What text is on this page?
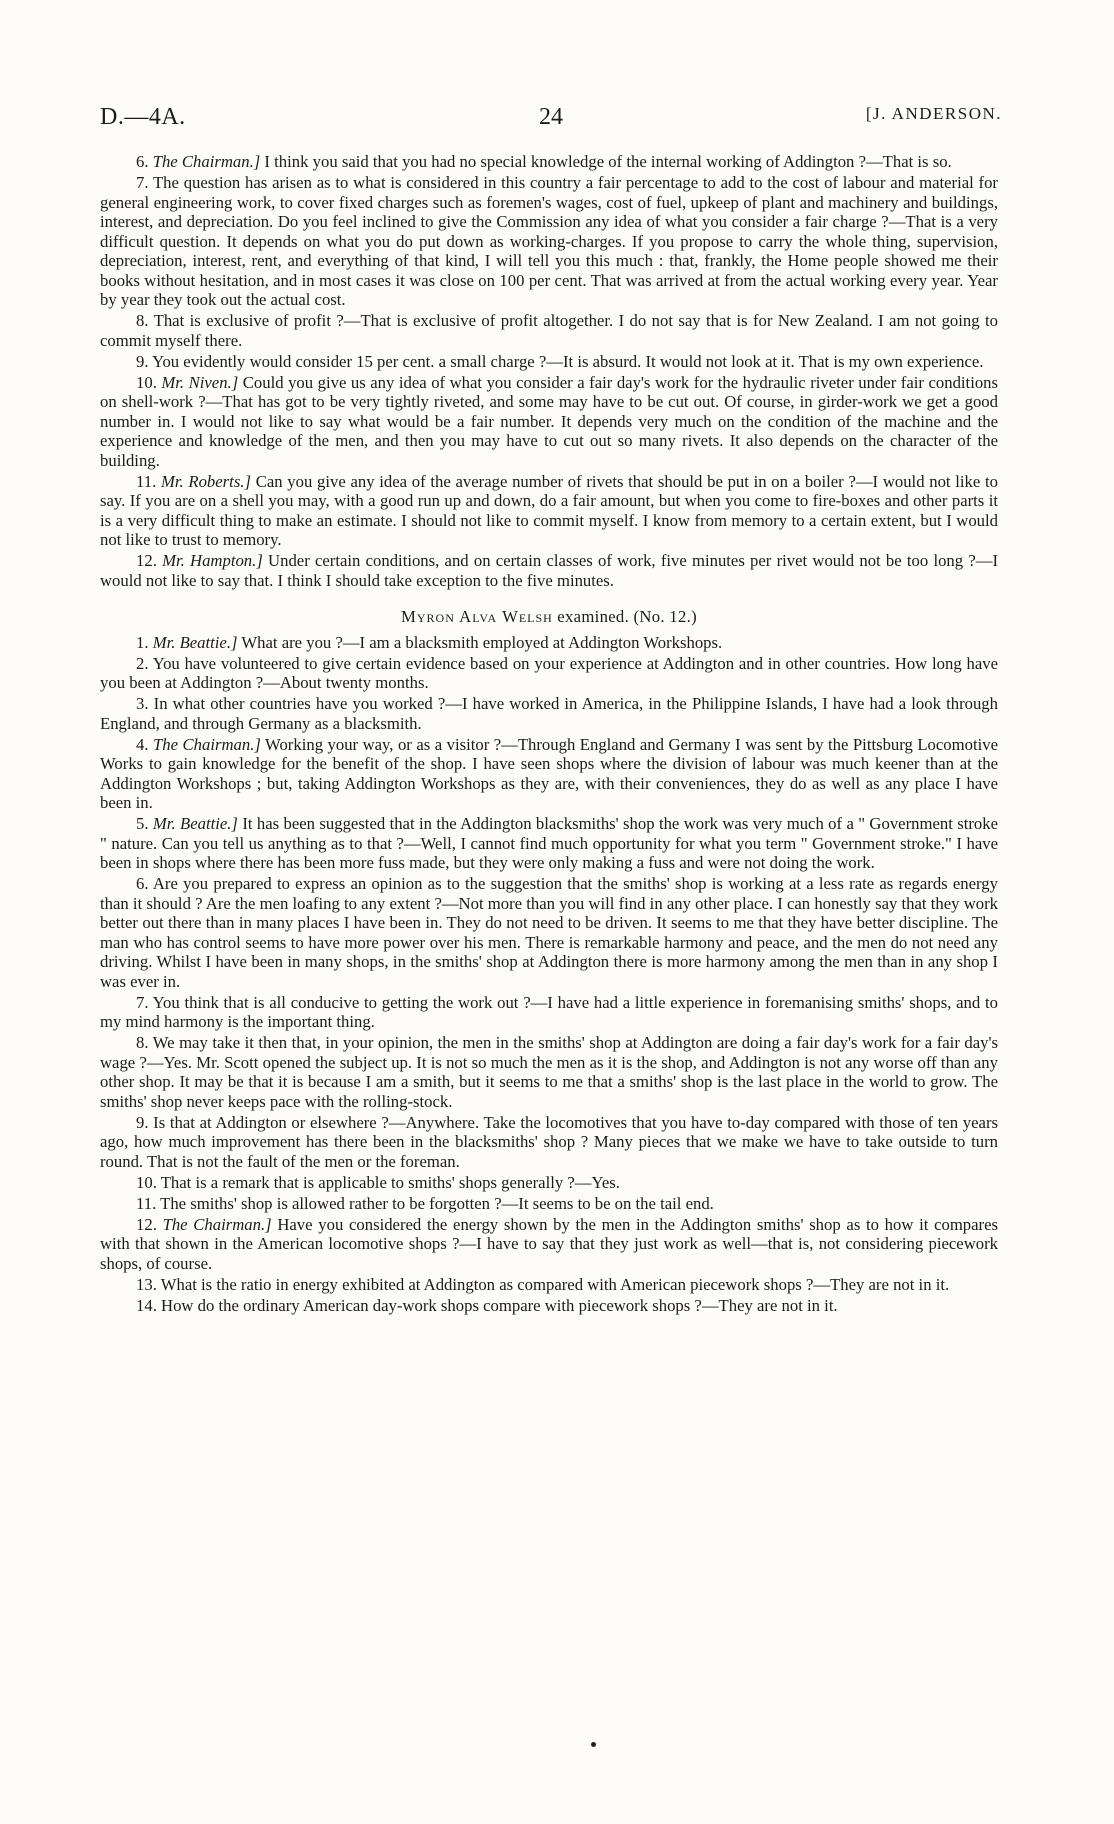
D.—4A.	24	[J. ANDERSON.

6. The Chairman.] I think you said that you had no special knowledge of the internal working of Addington ?—That is so.

7. The question has arisen as to what is considered in this country a fair percentage to add to the cost of labour and material for general engineering work, to cover fixed charges such as foremen's wages, cost of fuel, upkeep of plant and machinery and buildings, interest, and depreciation. Do you feel inclined to give the Commission any idea of what you consider a fair charge ?—That is a very difficult question. It depends on what you do put down as working-charges. If you propose to carry the whole thing, supervision, depreciation, interest, rent, and everything of that kind, I will tell you this much : that, frankly, the Home people showed me their books without hesitation, and in most cases it was close on 100 per cent. That was arrived at from the actual working every year. Year by year they took out the actual cost.

8. That is exclusive of profit ?—That is exclusive of profit altogether. I do not say that is for New Zealand. I am not going to commit myself there.

9. You evidently would consider 15 per cent. a small charge ?—It is absurd. It would not look at it. That is my own experience.

10. Mr. Niven.] Could you give us any idea of what you consider a fair day's work for the hydraulic riveter under fair conditions on shell-work ?—That has got to be very tightly riveted, and some may have to be cut out. Of course, in girder-work we get a good number in. I would not like to say what would be a fair number. It depends very much on the condition of the machine and the experience and knowledge of the men, and then you may have to cut out so many rivets. It also depends on the character of the building.

11. Mr. Roberts.] Can you give any idea of the average number of rivets that should be put in on a boiler ?—I would not like to say. If you are on a shell you may, with a good run up and down, do a fair amount, but when you come to fire-boxes and other parts it is a very difficult thing to make an estimate. I should not like to commit myself. I know from memory to a certain extent, but I would not like to trust to memory.

12. Mr. Hampton.] Under certain conditions, and on certain classes of work, five minutes per rivet would not be too long ?—I would not like to say that. I think I should take exception to the five minutes.

Myron Alva Welsh examined. (No. 12.)

1. Mr. Beattie.] What are you ?—I am a blacksmith employed at Addington Workshops.

2. You have volunteered to give certain evidence based on your experience at Addington and in other countries. How long have you been at Addington ?—About twenty months.

3. In what other countries have you worked ?—I have worked in America, in the Philippine Islands, I have had a look through England, and through Germany as a blacksmith.

4. The Chairman.] Working your way, or as a visitor ?—Through England and Germany I was sent by the Pittsburg Locomotive Works to gain knowledge for the benefit of the shop. I have seen shops where the division of labour was much keener than at the Addington Workshops ; but, taking Addington Workshops as they are, with their conveniences, they do as well as any place I have been in.

5. Mr. Beattie.] It has been suggested that in the Addington blacksmiths' shop the work was very much of a " Government stroke " nature. Can you tell us anything as to that ?—Well, I cannot find much opportunity for what you term " Government stroke." I have been in shops where there has been more fuss made, but they were only making a fuss and were not doing the work.

6. Are you prepared to express an opinion as to the suggestion that the smiths' shop is working at a less rate as regards energy than it should ? Are the men loafing to any extent ?—Not more than you will find in any other place. I can honestly say that they work better out there than in many places I have been in. They do not need to be driven. It seems to me that they have better discipline. The man who has control seems to have more power over his men. There is remarkable harmony and peace, and the men do not need any driving. Whilst I have been in many shops, in the smiths' shop at Addington there is more harmony among the men than in any shop I was ever in.

7. You think that is all conducive to getting the work out ?—I have had a little experience in foremanising smiths' shops, and to my mind harmony is the important thing.

8. We may take it then that, in your opinion, the men in the smiths' shop at Addington are doing a fair day's work for a fair day's wage ?—Yes. Mr. Scott opened the subject up. It is not so much the men as it is the shop, and Addington is not any worse off than any other shop. It may be that it is because I am a smith, but it seems to me that a smiths' shop is the last place in the world to grow. The smiths' shop never keeps pace with the rolling-stock.

9. Is that at Addington or elsewhere ?—Anywhere. Take the locomotives that you have to-day compared with those of ten years ago, how much improvement has there been in the blacksmiths' shop ? Many pieces that we make we have to take outside to turn round. That is not the fault of the men or the foreman.

10. That is a remark that is applicable to smiths' shops generally ?—Yes.

11. The smiths' shop is allowed rather to be forgotten ?—It seems to be on the tail end.

12. The Chairman.] Have you considered the energy shown by the men in the Addington smiths' shop as to how it compares with that shown in the American locomotive shops ?—I have to say that they just work as well—that is, not considering piecework shops, of course.

13. What is the ratio in energy exhibited at Addington as compared with American piecework shops ?—They are not in it.

14. How do the ordinary American day-work shops compare with piecework shops ?—They are not in it.
